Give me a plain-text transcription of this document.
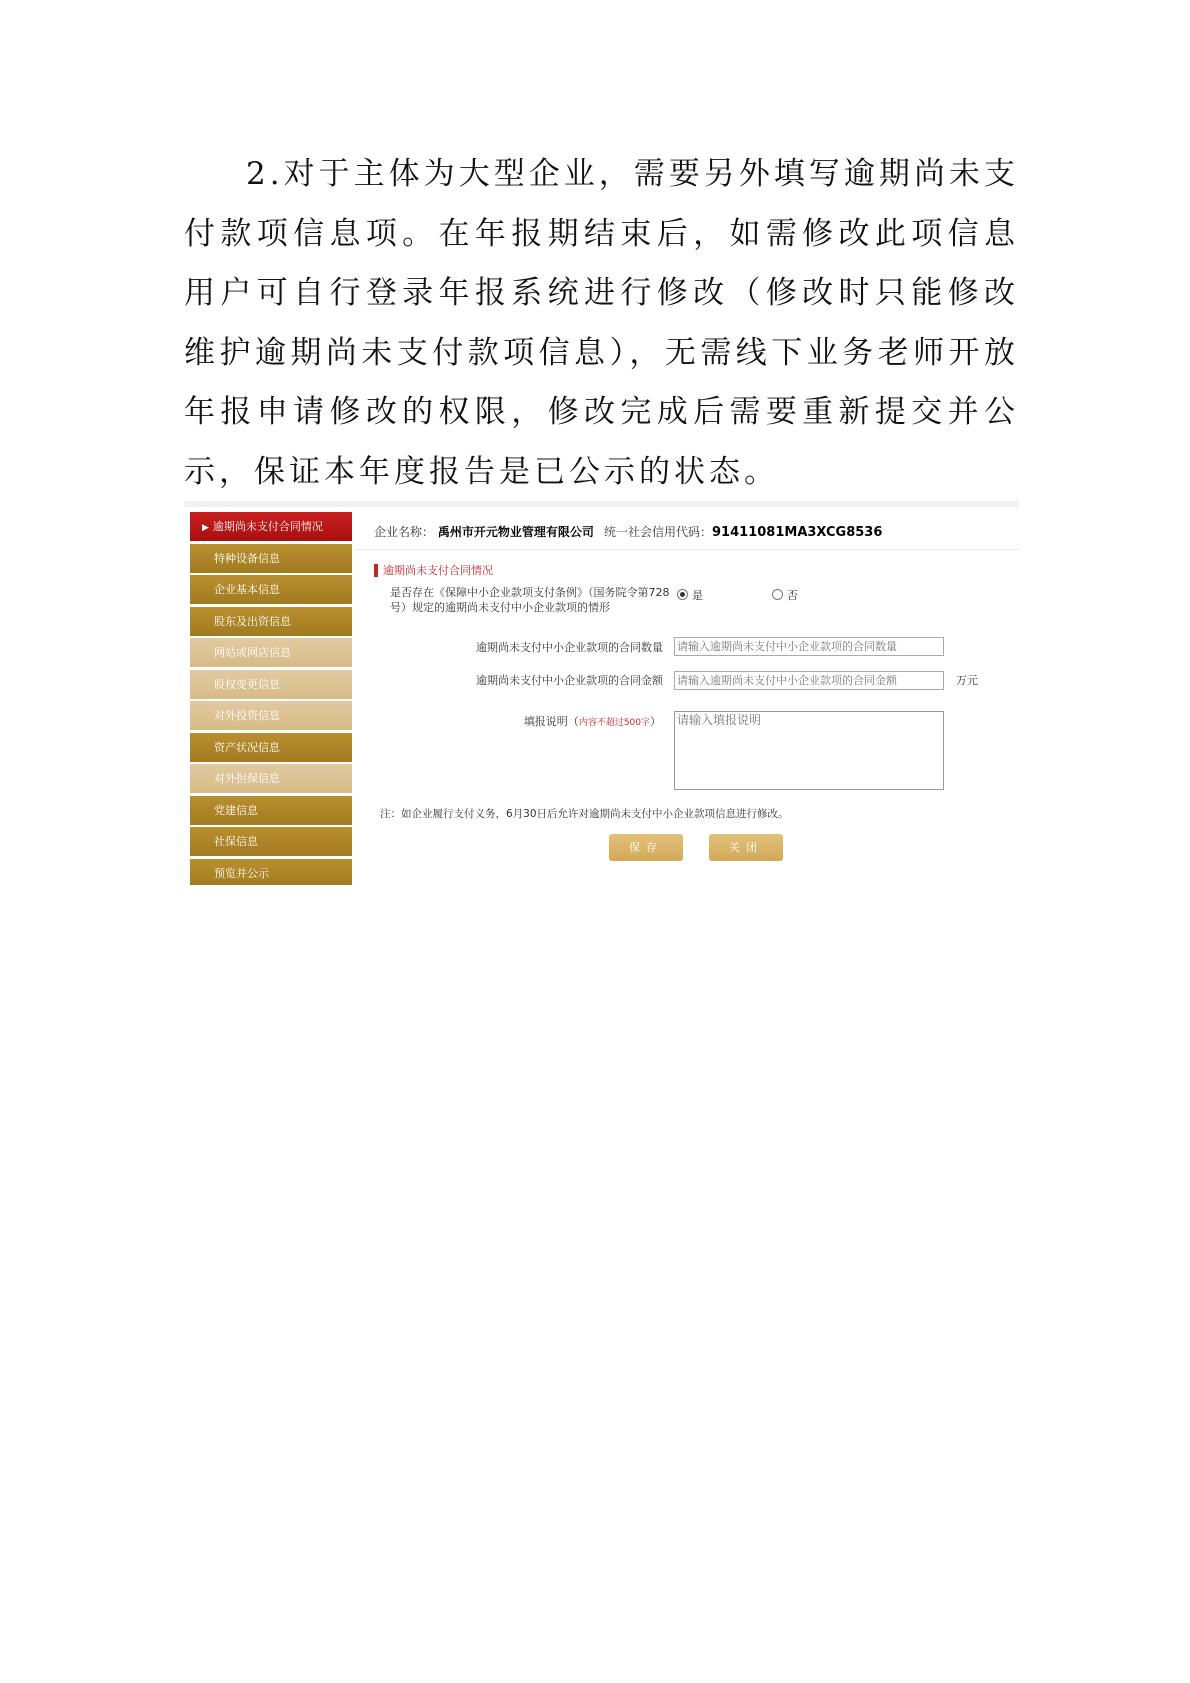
2.对于主体为大型企业，需要另外填写逾期尚未支付款项信息项。在年报期结束后，如需修改此项信息用户可自行登录年报系统进行修改（修改时只能修改维护逾期尚未支付款项信息），无需线下业务老师开放年报申请修改的权限，修改完成后需要重新提交并公示，保证本年度报告是已公示的状态。

▶ 逾期尚未支付合同情况
特种设备信息
企业基本信息
股东及出资信息
网站或网店信息
股权变更信息
对外投资信息
资产状况信息
对外担保信息
党建信息
社保信息
预览并公示
企业名称： 禹州市开元物业管理有限公司 统一社会信用代码：91411081MA3XCG8536
逾期尚未支付合同情况
是否存在《保障中小企业款项支付条例》（国务院令第728号）规定的逾期尚未支付中小企业款项的情形
是	否
逾期尚未支付中小企业款项的合同数量 请输入逾期尚未支付中小企业款项的合同数量
逾期尚未支付中小企业款项的合同金额 请输入逾期尚未支付中小企业款项的合同金额	万元
填报说明（内容不超过500字） 请输入填报说明
注：如企业履行支付义务，6月30日后允许对逾期尚未支付中小企业款项信息进行修改。
保存	关闭
